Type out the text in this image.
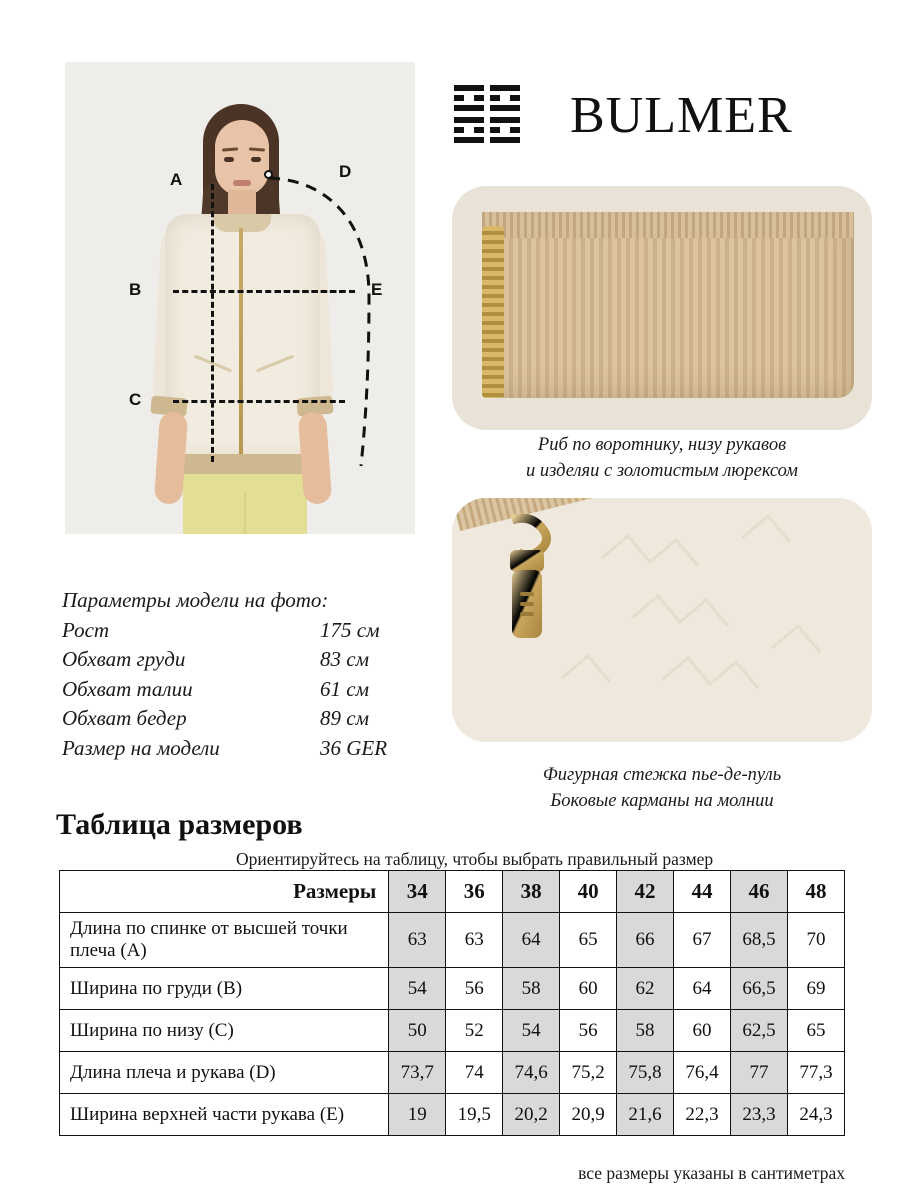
A
B
C
D
E
BULMER
Риб по воротнику, низу рукавов
и изделяи с золотистым люрексом
Фигурная стежка пье-де-пуль
Боковые карманы на молнии
Параметры модели на фото:
Рост	175 см
Обхват груди	83 см
Обхват талии	61 см
Обхват бедер	89 см
Размер на модели	36 GER
Таблица размеров
Ориентируйтесь на таблицу, чтобы выбрать правильный размер
Размеры	34	36	38	40	42	44	46	48
Длина по спинке от высшей точки плеча (A)	63	63	64	65	66	67	68,5	70
Ширина по груди (B)	54	56	58	60	62	64	66,5	69
Ширина по низу (C)	50	52	54	56	58	60	62,5	65
Длина плеча и рукава (D)	73,7	74	74,6	75,2	75,8	76,4	77	77,3
Ширина верхней части рукава (E)	19	19,5	20,2	20,9	21,6	22,3	23,3	24,3
все размеры указаны в сантиметрах
